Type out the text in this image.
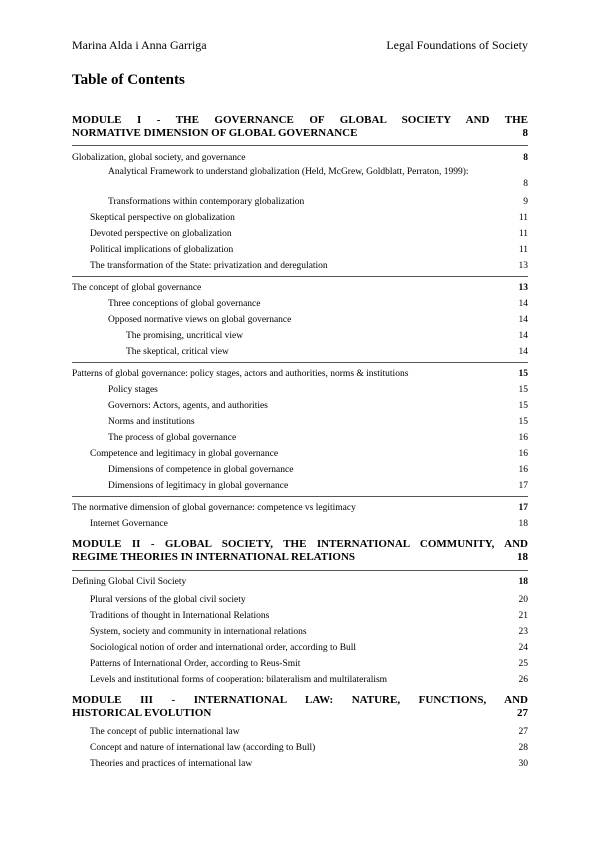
Marina Alda i Anna Garriga	Legal Foundations of Society
Table of Contents
MODULE I - THE GOVERNANCE OF GLOBAL SOCIETY AND THE
NORMATIVE DIMENSION OF GLOBAL GOVERNANCE	8
Globalization, global society, and governance	8
Analytical Framework to understand globalization (Held, McGrew, Goldblatt, Perraton, 1999):
8
Transformations within contemporary globalization	9
Skeptical perspective on globalization	11
Devoted perspective on globalization	11
Political implications of globalization	11
The transformation of the State: privatization and deregulation	13
The concept of global governance	13
Three conceptions of global governance	14
Opposed normative views on global governance	14
The promising, uncritical view	14
The skeptical, critical view	14
Patterns of global governance: policy stages, actors and authorities, norms & institutions	15
Policy stages	15
Governors: Actors, agents, and authorities	15
Norms and institutions	15
The process of global governance	16
Competence and legitimacy in global governance	16
Dimensions of competence in global governance	16
Dimensions of legitimacy in global governance	17
The normative dimension of global governance: competence vs legitimacy	17
Internet Governance	18
MODULE II - GLOBAL SOCIETY, THE INTERNATIONAL COMMUNITY, AND
REGIME THEORIES IN INTERNATIONAL RELATIONS	18
Defining Global Civil Society	18
Plural versions of the global civil society	20
Traditions of thought in International Relations	21
System, society and community in international relations	23
Sociological notion of order and international order, according to Bull	24
Patterns of International Order, according to Reus-Smit	25
Levels and institutional forms of cooperation: bilateralism and multilateralism	26
MODULE III - INTERNATIONAL LAW: NATURE, FUNCTIONS, AND
HISTORICAL EVOLUTION	27
The concept of public international law	27
Concept and nature of international law (according to Bull)	28
Theories and practices of international law	30
